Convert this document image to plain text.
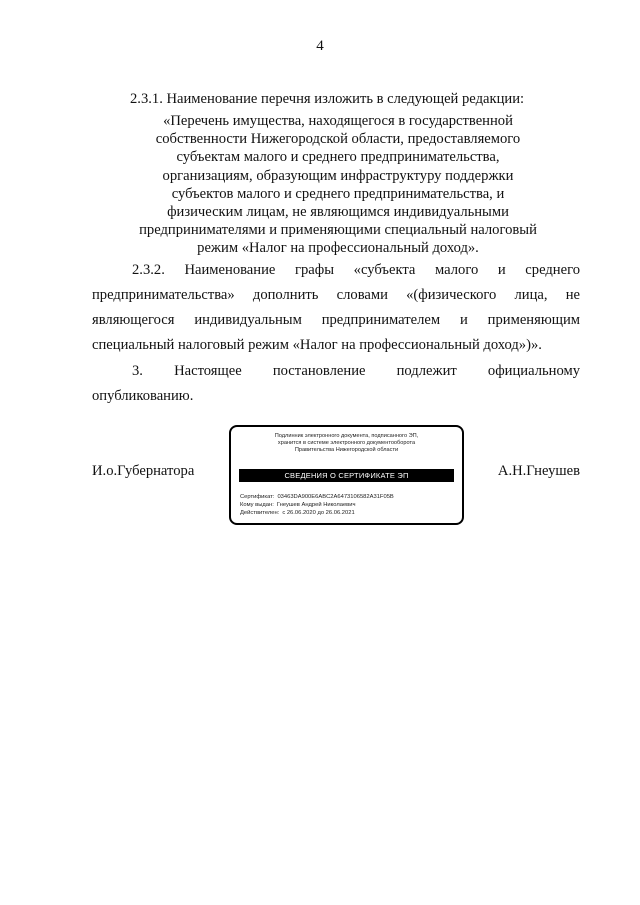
4
2.3.1. Наименование перечня изложить в следующей редакции:
«Перечень имущества, находящегося в государственной
собственности Нижегородской области, предоставляемого
субъектам малого и среднего предпринимательства,
организациям, образующим инфраструктуру поддержки
субъектов малого и среднего предпринимательства, и
физическим лицам, не являющимся индивидуальными
предпринимателями и применяющими специальный налоговый
режим «Налог на профессиональный доход».
2.3.2. Наименование графы «субъекта малого и среднего
предпринимательства» дополнить словами «(физического лица, не
являющегося индивидуальным предпринимателем и применяющим
специальный налоговый режим «Налог на профессиональный доход»)».
3. Настоящее постановление подлежит официальному
опубликованию.
И.о.Губернатора	А.Н.Гнеушев
Подлинник электронного документа, подписанного ЭП,
хранится в системе электронного документооборота
Правительства Нижегородской области
СВЕДЕНИЯ О СЕРТИФИКАТЕ ЭП
Сертификат: 03463DA900E6ABC2A6473106582A31F05B
Кому выдан: Гнеушев Андрей Николаевич
Действителен: с 26.06.2020 до 26.06.2021
